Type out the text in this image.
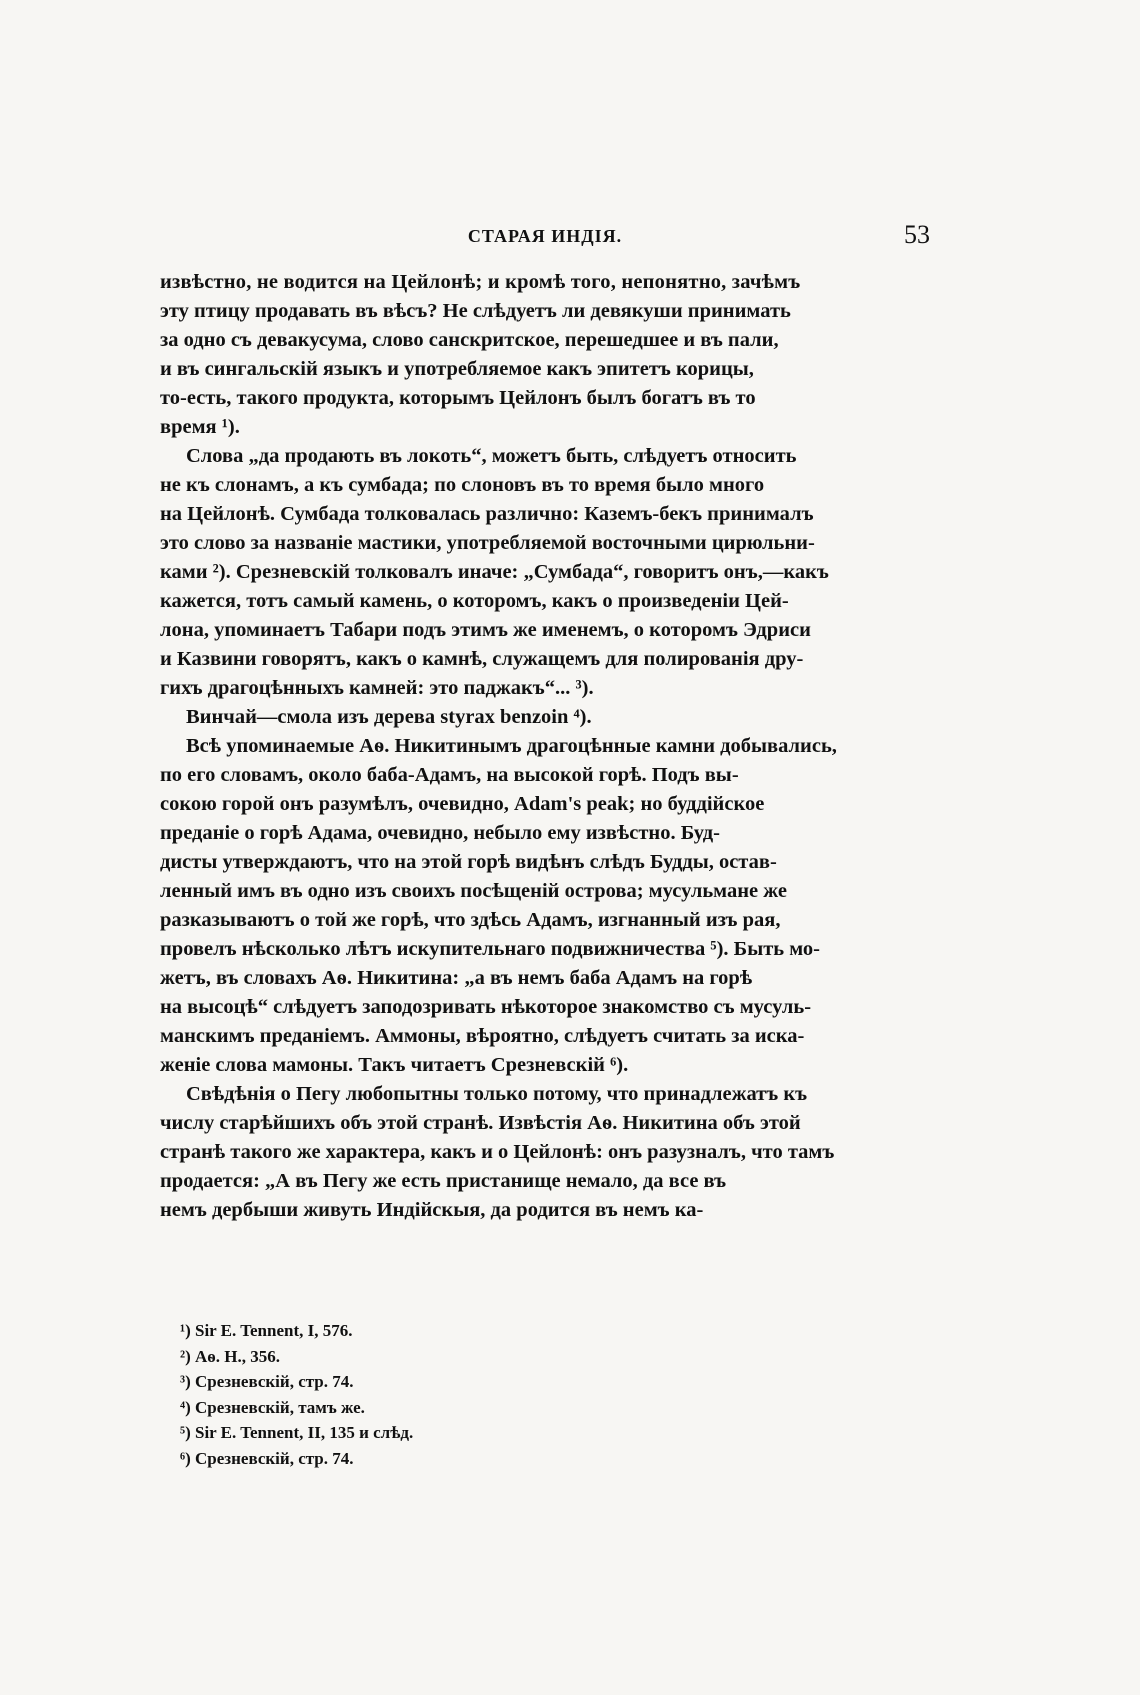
СТАРАЯ ИНДІЯ.	53
извѣстно, не водится на Цейлонѣ; и кромѣ того, непонятно, зачѣмъ
эту птицу продавать въ вѣсъ? Не слѣдуетъ ли девякуши принимать
за одно съ девакусума, слово санскритское, перешедшее и въ пали,
и въ сингальскій языкъ и употребляемое какъ эпитетъ корицы,
то-есть, такого продукта, которымъ Цейлонъ былъ богатъ въ то
время ¹).
Слова „да продають въ локоть“, можетъ быть, слѣдуетъ относить
не къ слонамъ, а къ сумбада; по слоновъ въ то время было много
на Цейлонѣ. Сумбада толковалась различно: Каземъ-бекъ принималъ
это слово за названіе мастики, употребляемой восточными цирюльни-
ками ²). Срезневскій толковалъ иначе: „Сумбада“, говоритъ онъ,—какъ
кажется, тотъ самый камень, о которомъ, какъ о произведеніи Цей-
лона, упоминаетъ Табари подъ этимъ же именемъ, о которомъ Эдриси
и Казвини говорятъ, какъ о камнѣ, служащемъ для полированія дру-
гихъ драгоцѣнныхъ камней: это паджакъ“... ³).
Винчай—смола изъ дерева styrax benzoin ⁴).
Всѣ упоминаемые Аѳ. Никитинымъ драгоцѣнные камни добывались,
по его словамъ, около баба-Адамъ, на высокой горѣ. Подъ вы-
сокою горой онъ разумѣлъ, очевидно, Adam's peak; но буддійское
преданіе о горѣ Адама, очевидно, небыло ему извѣстно. Буд-
дисты утверждаютъ, что на этой горѣ видѣнъ слѣдъ Будды, остав-
ленный имъ въ одно изъ своихъ посѣщеній острова; мусульмане же
разказываютъ о той же горѣ, что здѣсь Адамъ, изгнанный изъ рая,
провелъ нѣсколько лѣтъ искупительнаго подвижничества ⁵). Быть мо-
жетъ, въ словахъ Аѳ. Никитина: „а въ немъ баба Адамъ на горѣ
на высоцѣ“ слѣдуетъ заподозривать нѣкоторое знакомство съ мусуль-
манскимъ преданіемъ. Аммоны, вѣроятно, слѣдуетъ считать за иска-
женіе слова мамоны. Такъ читаетъ Срезневскій ⁶).
Свѣдѣнія о Пегу любопытны только потому, что принадлежатъ къ
числу старѣйшихъ объ этой странѣ. Извѣстія Аѳ. Никитина объ этой
странѣ такого же характера, какъ и о Цейлонѣ: онъ разузналъ, что тамъ
продается: „А въ Пегу же есть пристанище немало, да все въ
немъ дербыши живуть Индійскыя, да родится въ немъ ка-
¹) Sir E. Tennent, I, 576.
²) Аѳ. Н., 356.
³) Срезневскій, стр. 74.
⁴) Срезневскій, тамъ же.
⁵) Sir E. Tennent, II, 135 и слѣд.
⁶) Срезневскій, стр. 74.
